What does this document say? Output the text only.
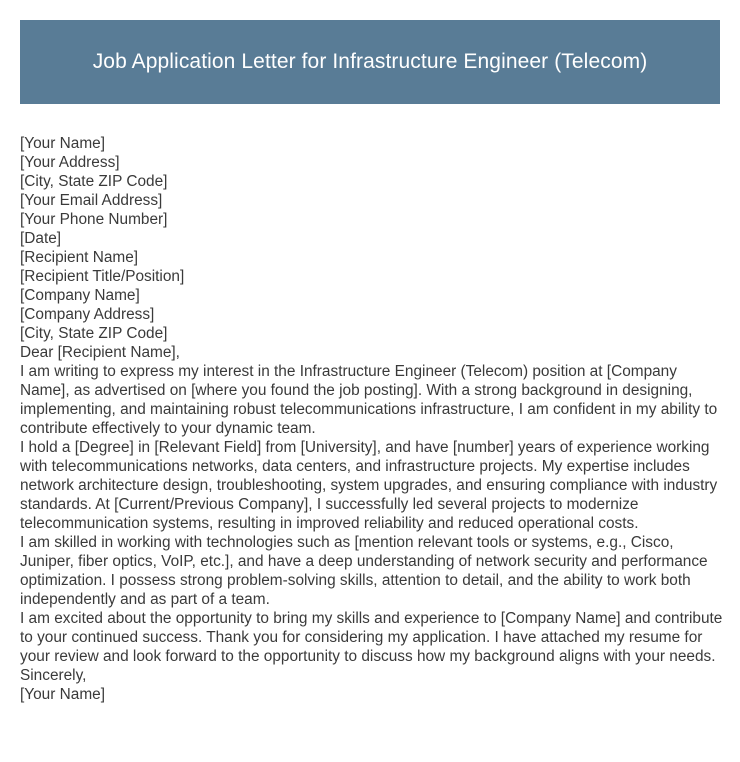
Job Application Letter for Infrastructure Engineer (Telecom)
[Your Name]
[Your Address]
[City, State ZIP Code]
[Your Email Address]
[Your Phone Number]
[Date]
[Recipient Name]
[Recipient Title/Position]
[Company Name]
[Company Address]
[City, State ZIP Code]
Dear [Recipient Name],

I am writing to express my interest in the Infrastructure Engineer (Telecom) position at [Company Name], as advertised on [where you found the job posting]. With a strong background in designing, implementing, and maintaining robust telecommunications infrastructure, I am confident in my ability to contribute effectively to your dynamic team.

I hold a [Degree] in [Relevant Field] from [University], and have [number] years of experience working with telecommunications networks, data centers, and infrastructure projects. My expertise includes network architecture design, troubleshooting, system upgrades, and ensuring compliance with industry standards. At [Current/Previous Company], I successfully led several projects to modernize telecommunication systems, resulting in improved reliability and reduced operational costs.

I am skilled in working with technologies such as [mention relevant tools or systems, e.g., Cisco, Juniper, fiber optics, VoIP, etc.], and have a deep understanding of network security and performance optimization. I possess strong problem-solving skills, attention to detail, and the ability to work both independently and as part of a team.

I am excited about the opportunity to bring my skills and experience to [Company Name] and contribute to your continued success. Thank you for considering my application. I have attached my resume for your review and look forward to the opportunity to discuss how my background aligns with your needs.

Sincerely,
[Your Name]
